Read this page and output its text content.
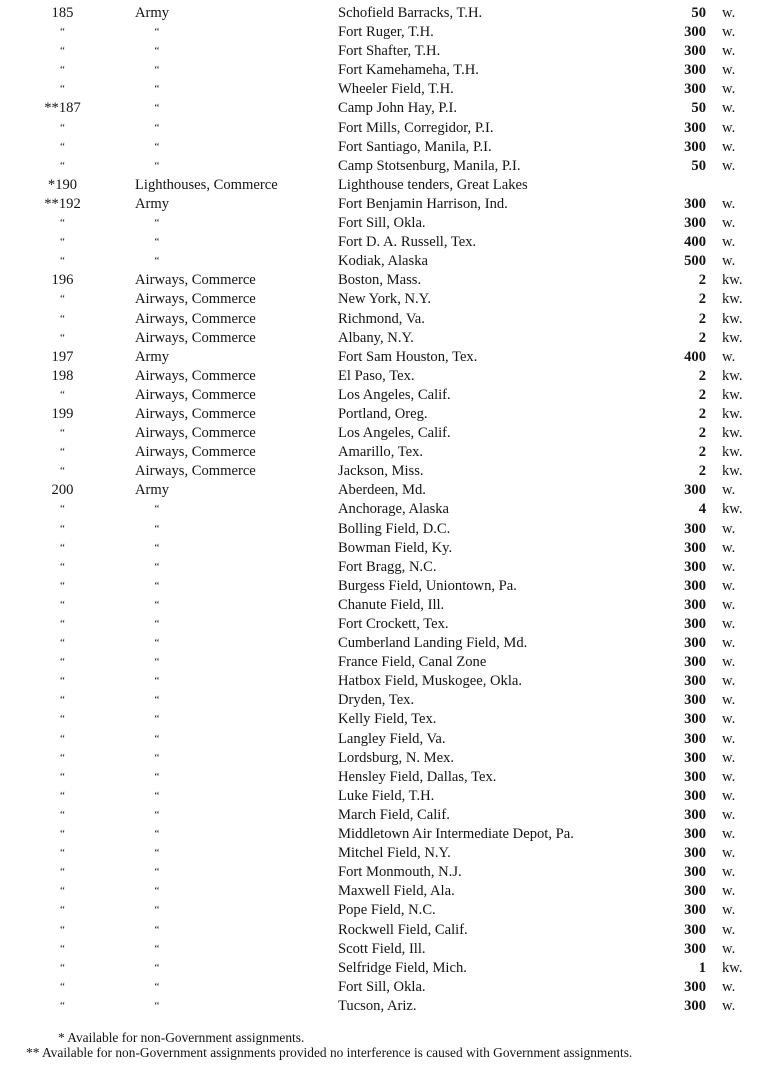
185	Army	Schofield Barracks, T.H.	50 w.
“	“	Fort Ruger, T.H.	300 w.
“	“	Fort Shafter, T.H.	300 w.
“	“	Fort Kamehameha, T.H.	300 w.
“	“	Wheeler Field, T.H.	300 w.
**187	“	Camp John Hay, P.I.	50 w.
“	“	Fort Mills, Corregidor, P.I.	300 w.
“	“	Fort Santiago, Manila, P.I.	300 w.
“	“	Camp Stotsenburg, Manila, P.I.	50 w.
*190	Lighthouses, Commerce	Lighthouse tenders, Great Lakes
**192	Army	Fort Benjamin Harrison, Ind.	300 w.
“	“	Fort Sill, Okla.	300 w.
“	“	Fort D. A. Russell, Tex.	400 w.
“	“	Kodiak, Alaska	500 w.
196	Airways, Commerce	Boston, Mass.	2 kw.
“	Airways, Commerce	New York, N.Y.	2 kw.
“	Airways, Commerce	Richmond, Va.	2 kw.
“	Airways, Commerce	Albany, N.Y.	2 kw.
197	Army	Fort Sam Houston, Tex.	400 w.
198	Airways, Commerce	El Paso, Tex.	2 kw.
“	Airways, Commerce	Los Angeles, Calif.	2 kw.
199	Airways, Commerce	Portland, Oreg.	2 kw.
“	Airways, Commerce	Los Angeles, Calif.	2 kw.
“	Airways, Commerce	Amarillo, Tex.	2 kw.
“	Airways, Commerce	Jackson, Miss.	2 kw.
200	Army	Aberdeen, Md.	300 w.
“	“	Anchorage, Alaska	4 kw.
“	“	Bolling Field, D.C.	300 w.
“	“	Bowman Field, Ky.	300 w.
“	“	Fort Bragg, N.C.	300 w.
“	“	Burgess Field, Uniontown, Pa.	300 w.
“	“	Chanute Field, Ill.	300 w.
“	“	Fort Crockett, Tex.	300 w.
“	“	Cumberland Landing Field, Md.	300 w.
“	“	France Field, Canal Zone	300 w.
“	“	Hatbox Field, Muskogee, Okla.	300 w.
“	“	Dryden, Tex.	300 w.
“	“	Kelly Field, Tex.	300 w.
“	“	Langley Field, Va.	300 w.
“	“	Lordsburg, N. Mex.	300 w.
“	“	Hensley Field, Dallas, Tex.	300 w.
“	“	Luke Field, T.H.	300 w.
“	“	March Field, Calif.	300 w.
“	“	Middletown Air Intermediate Depot, Pa.	300 w.
“	“	Mitchel Field, N.Y.	300 w.
“	“	Fort Monmouth, N.J.	300 w.
“	“	Maxwell Field, Ala.	300 w.
“	“	Pope Field, N.C.	300 w.
“	“	Rockwell Field, Calif.	300 w.
“	“	Scott Field, Ill.	300 w.
“	“	Selfridge Field, Mich.	1 kw.
“	“	Fort Sill, Okla.	300 w.
“	“	Tucson, Ariz.	300 w.
* Available for non-Government assignments.
** Available for non-Government assignments provided no interference is caused with Government assignments.
